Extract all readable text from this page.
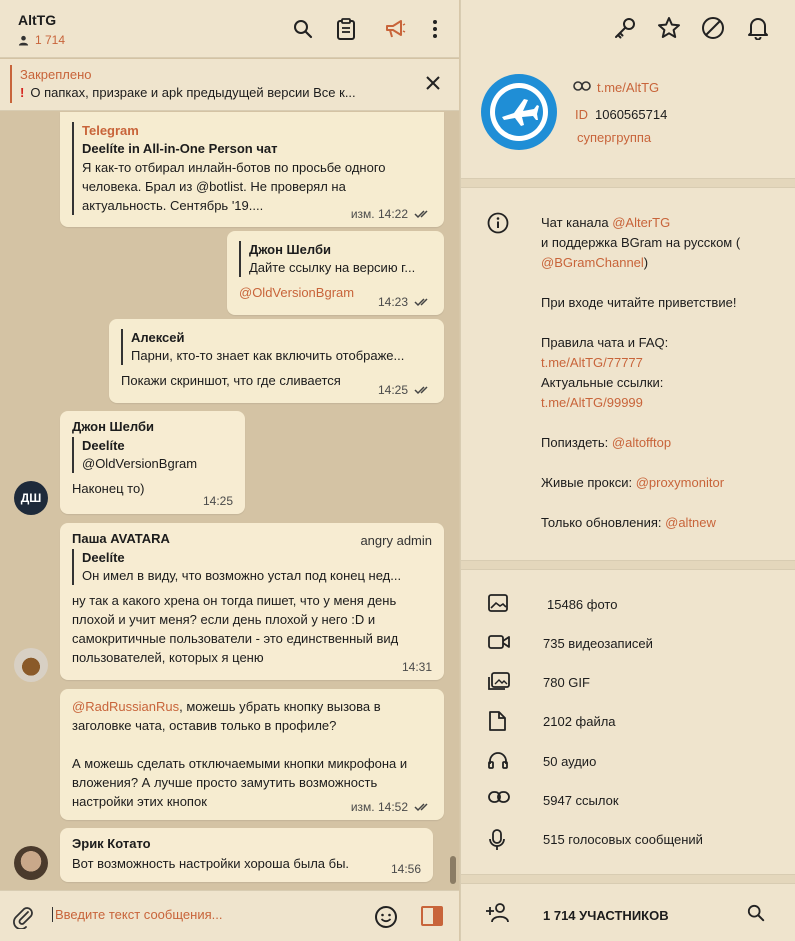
AltTG
1 714
Закреплено
! О папках, призраке и apk предыдущей версии Все к...
Telegram
Deelíte in All-in-One Person чат
Я как-то отбирал инлайн-ботов по просьбе одного человека. Брал из @botlist. Не проверял на актуальность. Сентябрь '19....
изм. 14:22
Джон Шелби
Дайте ссылку на версию г...
@OldVersionBgram
14:23
Алексей
Парни, кто-то знает как включить отображе...
Покажи скриншот, что где сливается
14:25
Джон Шелби
Deelíte
@OldVersionBgram
Наконец то)
14:25
ДШ
Паша AVATARA	angry admin
Deelíte
Он имел в виду, что возможно устал под конец нед...
ну так а какого хрена он тогда пишет, что у меня день плохой и учит меня? если день плохой у него :D и самокритичные пользователи - это единственный вид пользователей, которых я ценю
14:31
@RadRussianRus, можешь убрать кнопку вызова в заголовке чата, оставив только в профиле?
А можешь сделать отключаемыми кнопки микрофона и вложения? А лучше просто замутить возможность настройки этих кнопок	изм. 14:52
Эрик Котато
Вот возможность настройки хороша была бы.	14:56
Введите текст сообщения...
t.me/AltTG
ID 1060565714
супергруппа
Чат канала @AlterTG
и поддержка BGram на русском (
@BGramChannel)
При входе читайте приветствие!
Правила чата и FAQ:
t.me/AltTG/77777
Актуальные ссылки:
t.me/AltTG/99999
Попиздеть: @altofftop
Живые прокси: @proxymonitor
Только обновления: @altnew
15486 фото
735 видеозаписей
780 GIF
2102 файла
50 аудио
5947 ссылок
515 голосовых сообщений
1 714 УЧАСТНИКОВ
